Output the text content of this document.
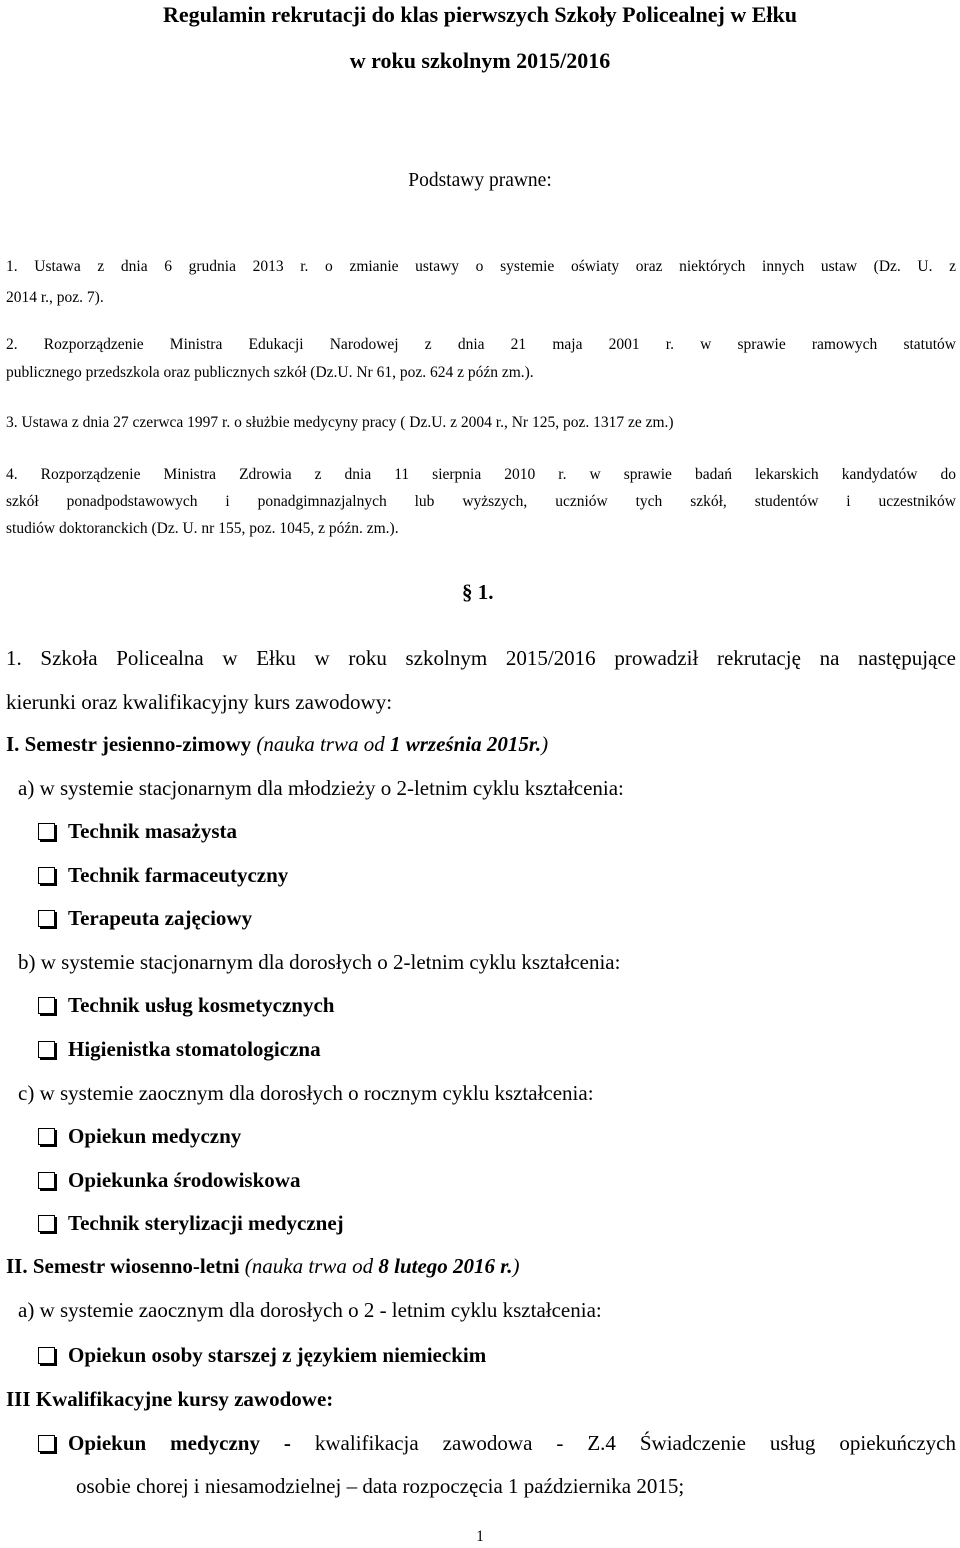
Regulamin rekrutacji do klas pierwszych Szkoły Policealnej w Ełku
w roku szkolnym 2015/2016
Podstawy prawne:
1. Ustawa z dnia 6 grudnia 2013 r. o zmianie ustawy o systemie oświaty oraz niektórych innych ustaw (Dz. U. z
2014 r., poz. 7).
2. Rozporządzenie Ministra Edukacji Narodowej z dnia 21 maja 2001 r. w sprawie ramowych statutów
publicznego przedszkola oraz publicznych szkół (Dz.U. Nr 61, poz. 624 z późn zm.).
3. Ustawa z dnia 27 czerwca 1997 r. o służbie medycyny pracy ( Dz.U. z 2004 r., Nr 125, poz. 1317 ze zm.)
4. Rozporządzenie Ministra Zdrowia z dnia 11 sierpnia 2010 r. w sprawie badań lekarskich kandydatów do
szkół ponadpodstawowych i ponadgimnazjalnych lub wyższych, uczniów tych szkół, studentów i uczestników
studiów doktoranckich (Dz. U. nr 155, poz. 1045, z późn. zm.).
§ 1.
1. Szkoła Policealna w Ełku w roku szkolnym 2015/2016 prowadził rekrutację na następujące
kierunki oraz kwalifikacyjny kurs zawodowy:
I. Semestr jesienno-zimowy (nauka trwa od 1 września 2015r.)
a) w systemie stacjonarnym dla młodzieży o 2-letnim cyklu kształcenia:
Technik masażysta
Technik farmaceutyczny
Terapeuta zajęciowy
b) w systemie stacjonarnym dla dorosłych o 2-letnim cyklu kształcenia:
Technik usług kosmetycznych
Higienistka stomatologiczna
c) w systemie zaocznym dla dorosłych o rocznym cyklu kształcenia:
Opiekun medyczny
Opiekunka środowiskowa
Technik sterylizacji medycznej
II. Semestr wiosenno-letni (nauka trwa od 8 lutego 2016 r.)
a) w systemie zaocznym dla dorosłych o 2 - letnim cyklu kształcenia:
Opiekun osoby starszej z językiem niemieckim
III Kwalifikacyjne kursy zawodowe:
Opiekun medyczny - kwalifikacja zawodowa - Z.4 Świadczenie usług opiekuńczych
osobie chorej i niesamodzielnej – data rozpoczęcia 1 października 2015;
1
